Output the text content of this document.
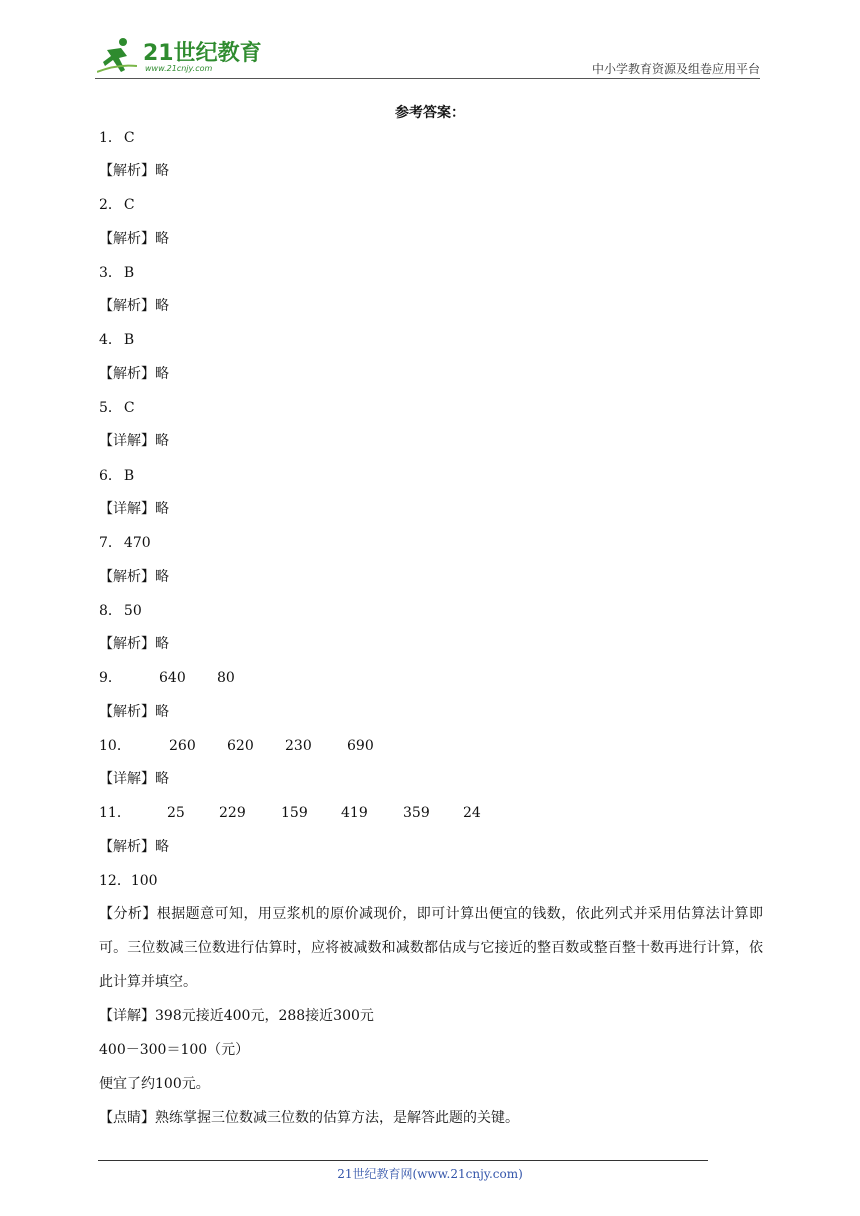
21世纪教育
www.21cnjy.com	中小学教育资源及组卷应用平台
参考答案：
1． C
【解析】略
2． C
【解析】略
3． B
【解析】略
4． B
【解析】略
5． C
【详解】略
6． B
【详解】略
7． 470
【解析】略
8． 50
【解析】略
9．	640 80
【解析】略
10．	260 620 230	690
【详解】略
11．	25 229	159 419	359 24
【解析】略
12．100
【分析】根据题意可知，用豆浆机的原价减现价，即可计算出便宜的钱数，依此列式并采用估算法计算即可。三位数减三位数进行估算时，应将被减数和减数都估成与它接近的整百数或整百整十数再进行计算，依此计算并填空。
【详解】398元接近400元，288接近300元
400－300＝100（元）
便宜了约100元。
【点睛】熟练掌握三位数减三位数的估算方法，是解答此题的关键。
21世纪教育网(www.21cnjy.com)
